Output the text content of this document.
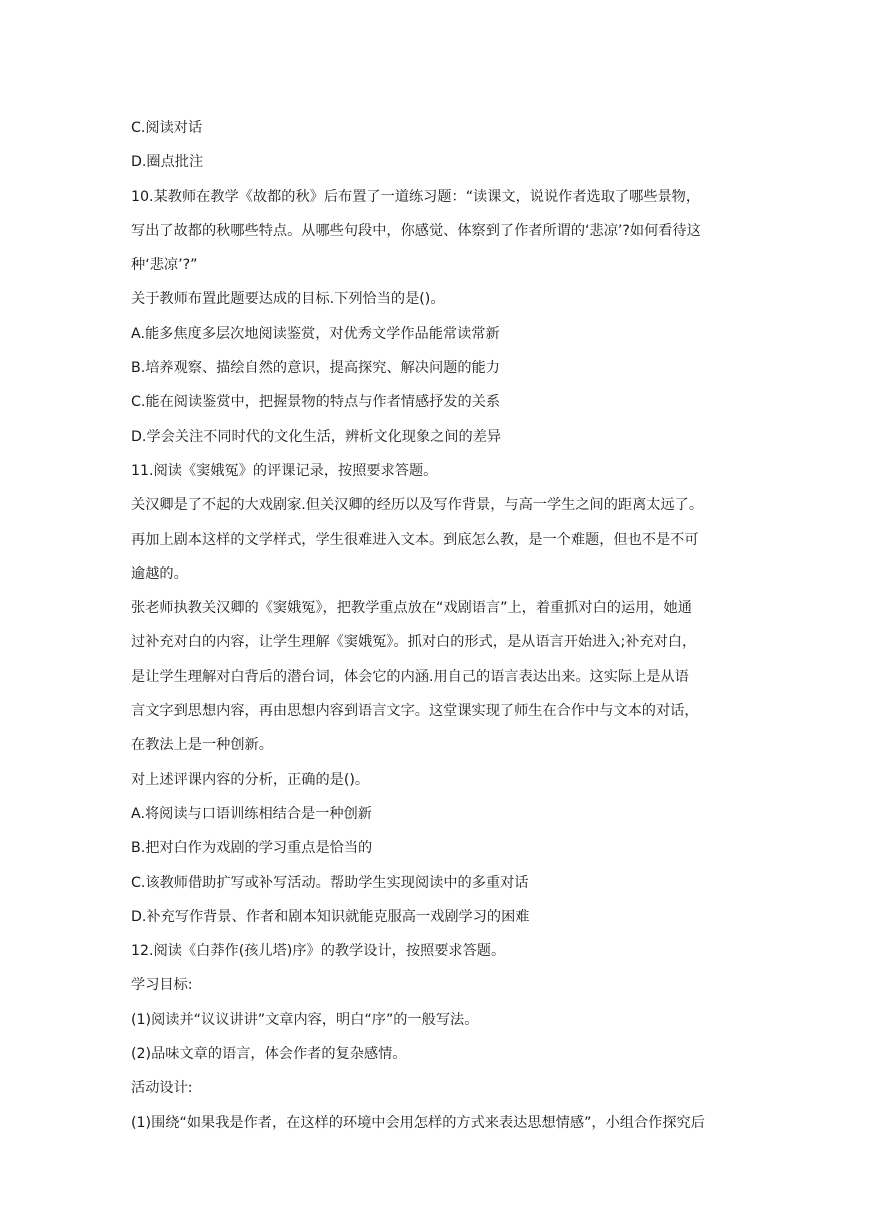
C.阅读对话

D.圈点批注

10.某教师在教学《故都的秋》后布置了一道练习题：“读课文，说说作者选取了哪些景物，

写出了故都的秋哪些特点。从哪些句段中，你感觉、体察到了作者所谓的‘悲凉’?如何看待这

种‘悲凉’?”

关于教师布置此题要达成的目标.下列恰当的是()。

A.能多焦度多层次地阅读鉴赏，对优秀文学作品能常读常新

B.培养观察、描绘自然的意识，提高探究、解决问题的能力

C.能在阅读鉴赏中，把握景物的特点与作者情感抒发的关系

D.学会关注不同时代的文化生活，辨析文化现象之间的差异

11.阅读《窦娥冤》的评课记录，按照要求答题。

关汉卿是了不起的大戏剧家.但关汉卿的经历以及写作背景，与高一学生之间的距离太远了。

再加上剧本这样的文学样式，学生很难进入文本。到底怎么教，是一个难题，但也不是不可

逾越的。

张老师执教关汉卿的《窦娥冤》，把教学重点放在“戏剧语言”上，着重抓对白的运用，她通

过补充对白的内容，让学生理解《窦娥冤》。抓对白的形式，是从语言开始进入;补充对白，

是让学生理解对白背后的潜台词，体会它的内涵.用自己的语言表达出来。这实际上是从语

言文字到思想内容，再由思想内容到语言文字。这堂课实现了师生在合作中与文本的对话，

在教法上是一种创新。

对上述评课内容的分析，正确的是()。

A.将阅读与口语训练相结合是一种创新

B.把对白作为戏剧的学习重点是恰当的

C.该教师借助扩写或补写活动。帮助学生实现阅读中的多重对话

D.补充写作背景、作者和剧本知识就能克服高一戏剧学习的困难

12.阅读《白莽作(孩儿塔)序》的教学设计，按照要求答题。

学习目标:

(1)阅读并“议议讲讲”文章内容，明白“序”的一般写法。

(2)品味文章的语言，体会作者的复杂感情。

活动设计:

(1)围绕“如果我是作者，在这样的环境中会用怎样的方式来表达思想情感”，小组合作探究后
